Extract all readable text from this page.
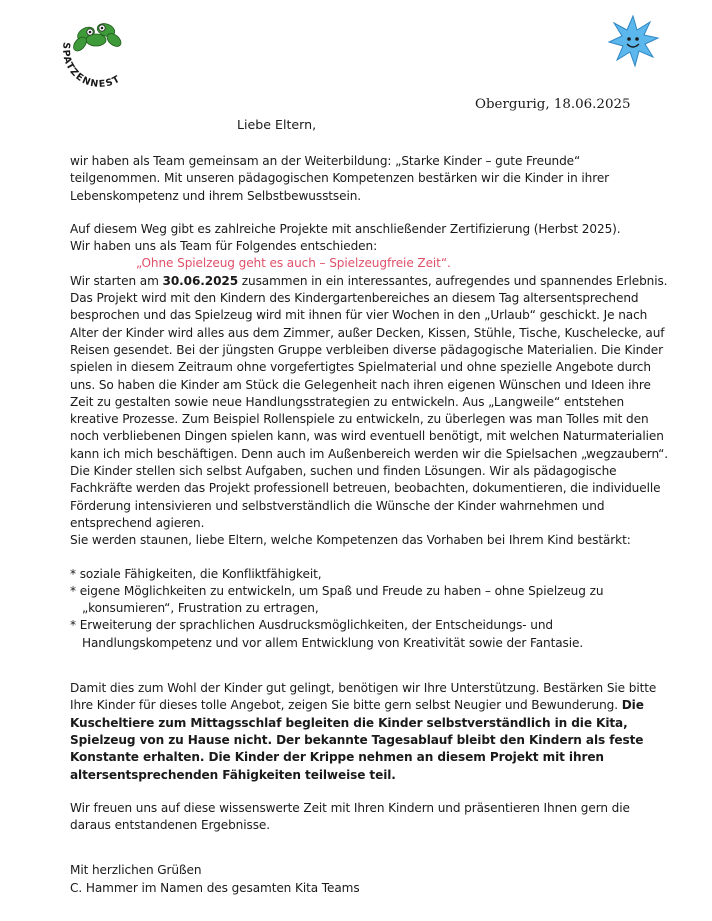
SPATZENNEST
Obergurig, 18.06.2025
Liebe Eltern,

wir haben als Team gemeinsam an der Weiterbildung: „Starke Kinder – gute Freunde“ teilgenommen. Mit unseren pädagogischen Kompetenzen bestärken wir die Kinder in ihrer Lebenskompetenz und ihrem Selbstbewusstsein.

Auf diesem Weg gibt es zahlreiche Projekte mit anschließender Zertifizierung (Herbst 2025).

Wir haben uns als Team für Folgendes entschieden:

„Ohne Spielzeug geht es auch – Spielzeugfreie Zeit“.

Wir starten am 30.06.2025 zusammen in ein interessantes, aufregendes und spannendes Erlebnis. Das Projekt wird mit den Kindern des Kindergartenbereiches an diesem Tag altersentsprechend besprochen und das Spielzeug wird mit ihnen für vier Wochen in den „Urlaub“ geschickt. Je nach Alter der Kinder wird alles aus dem Zimmer, außer Decken, Kissen, Stühle, Tische, Kuschelecke, auf Reisen gesendet. Bei der jüngsten Gruppe verbleiben diverse pädagogische Materialien. Die Kinder spielen in diesem Zeitraum ohne vorgefertigtes Spielmaterial und ohne spezielle Angebote durch uns. So haben die Kinder am Stück die Gelegenheit nach ihren eigenen Wünschen und Ideen ihre Zeit zu gestalten sowie neue Handlungsstrategien zu entwickeln. Aus „Langweile“ entstehen kreative Prozesse. Zum Beispiel Rollenspiele zu entwickeln, zu überlegen was man Tolles mit den noch verbliebenen Dingen spielen kann, was wird eventuell benötigt, mit welchen Naturmaterialien kann ich mich beschäftigen. Denn auch im Außenbereich werden wir die Spielsachen „wegzaubern“. Die Kinder stellen sich selbst Aufgaben, suchen und finden Lösungen. Wir als pädagogische Fachkräfte werden das Projekt professionell betreuen, beobachten, dokumentieren, die individuelle Förderung intensivieren und selbstverständlich die Wünsche der Kinder wahrnehmen und entsprechend agieren.

Sie werden staunen, liebe Eltern, welche Kompetenzen das Vorhaben bei Ihrem Kind bestärkt:

* soziale Fähigkeiten, die Konfliktfähigkeit,
* eigene Möglichkeiten zu entwickeln, um Spaß und Freude zu haben – ohne Spielzeug zu „konsumieren“, Frustration zu ertragen,
* Erweiterung der sprachlichen Ausdrucksmöglichkeiten, der Entscheidungs- und Handlungskompetenz und vor allem Entwicklung von Kreativität sowie der Fantasie.

Damit dies zum Wohl der Kinder gut gelingt, benötigen wir Ihre Unterstützung. Bestärken Sie bitte Ihre Kinder für dieses tolle Angebot, zeigen Sie bitte gern selbst Neugier und Bewunderung. Die Kuscheltiere zum Mittagsschlaf begleiten die Kinder selbstverständlich in die Kita, Spielzeug von zu Hause nicht. Der bekannte Tagesablauf bleibt den Kindern als feste Konstante erhalten. Die Kinder der Krippe nehmen an diesem Projekt mit ihren altersentsprechenden Fähigkeiten teilweise teil.

Wir freuen uns auf diese wissenswerte Zeit mit Ihren Kindern und präsentieren Ihnen gern die daraus entstandenen Ergebnisse.

Mit herzlichen Grüßen

C. Hammer im Namen des gesamten Kita Teams
